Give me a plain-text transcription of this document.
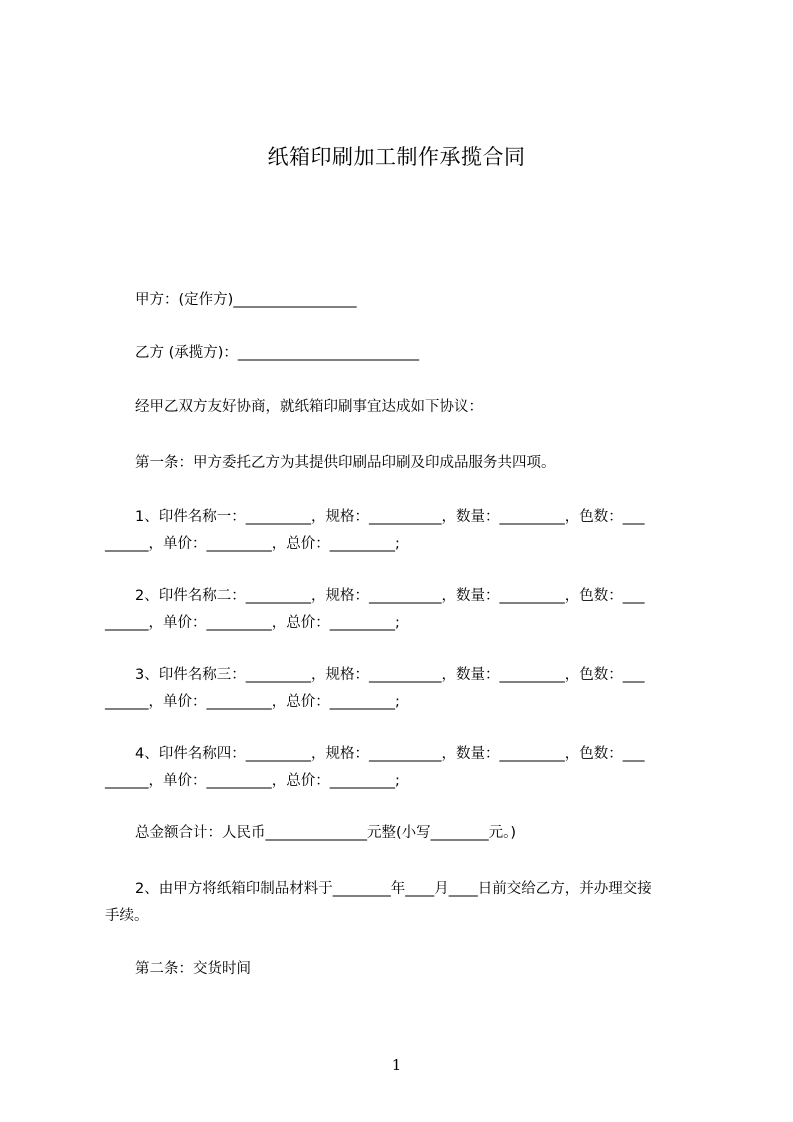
纸箱印刷加工制作承揽合同
甲方：(定作方)_________________
乙方 (承揽方)：_________________________
经甲乙双方友好协商，就纸箱印刷事宜达成如下协议：
第一条：甲方委托乙方为其提供印刷品印刷及印成品服务共四项。
1、印件名称一：_________，规格：__________，数量：_________，色数：___
______，单价：_________，总价：_________;
2、印件名称二：_________，规格：__________，数量：_________，色数：___
______，单价：_________，总价：_________;
3、印件名称三：_________，规格：__________，数量：_________，色数：___
______，单价：_________，总价：_________;
4、印件名称四：_________，规格：__________，数量：_________，色数：___
______，单价：_________，总价：_________;
总金额合计：人民币______________元整(小写________元。)
2、由甲方将纸箱印制品材料于________年____月____日前交给乙方，并办理交接
手续。
第二条：交货时间
1
